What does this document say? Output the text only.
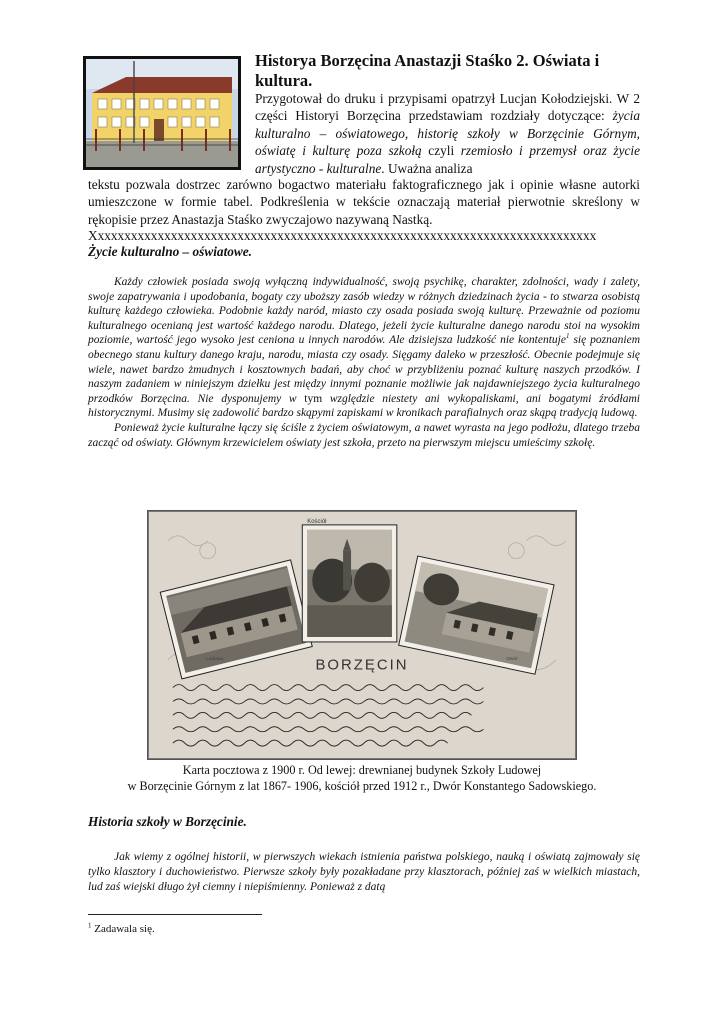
Historya Borzęcina Anastazji Staśko 2. Oświata i kultura.

Przygotował do druku i przypisami opatrzył Lucjan Kołodziejski. W 2 części Historyi Borzęcina przedstawiam rozdziały dotyczące: życia kulturalno – oświatowego, historię szkoły w Borzęcinie Górnym, oświatę i kulturę poza szkołą czyli rzemiosło i przemysł oraz życie artystyczno - kulturalne. Uważna analiza

tekstu pozwala dostrzec zarówno bogactwo materiału faktograficznego jak i opinie własne autorki umieszczone w formie tabel. Podkreślenia w tekście oznaczają materiał pierwotnie skreślony w rękopisie przez Anastazja Staśko zwyczajowo nazywaną Nastką.

Xxxxxxxxxxxxxxxxxxxxxxxxxxxxxxxxxxxxxxxxxxxxxxxxxxxxxxxxxxxxxxxxxxxxxxxxxxxx

Życie kulturalno – oświatowe.

Każdy człowiek posiada swoją wyłączną indywidualność, swoją psychikę, charakter, zdolności, wady i zalety, swoje zapatrywania i upodobania, bogaty czy uboższy zasób wiedzy w różnych dziedzinach życia - to stwarza osobistą kulturę każdego człowieka. Podobnie każdy naród, miasto czy osada posiada swoją kulturę. Przeważnie od poziomu kulturalnego ocenianą jest wartość każdego narodu. Dlatego, jeżeli życie kulturalne danego narodu stoi na wysokim poziomie, wartość jego wysoko jest ceniona u innych narodów. Ale dzisiejsza ludzkość nie kontentuje$^1$ się poznaniem obecnego stanu kultury danego kraju, narodu, miasta czy osady. Sięgamy daleko w przeszłość. Obecnie podejmuje się wiele, nawet bardzo żmudnych i kosztownych badań, aby choć w przybliżeniu poznać kulturę naszych przodków. I naszym zadaniem w niniejszym dziełku jest między innymi poznanie możliwie jak najdawniejszego życia kulturalnego przodków Borzęcina. Nie dysponujemy w tym względzie niestety ani wykopaliskami, ani bogatymi źródłami historycznymi. Musimy się zadowolić bardzo skąpymi zapiskami w kronikach parafialnych oraz skąpą tradycją ludową.

Ponieważ życie kulturalne łączy się ściśle z życiem oświatowym, a nawet wyrasta na jego podłożu, dlatego trzeba zacząć od oświaty. Głównym krzewicielem oświaty jest szkoła, przeto na pierwszym miejscu umieścimy szkołę.

Kościół
BORZĘCIN
Ludowa	Dwór

Karta pocztowa z 1900 r. Od lewej: drewnianej budynek Szkoły Ludowej

w Borzęcinie Górnym z lat 1867- 1906, kościół przed 1912 r., Dwór Konstantego Sadowskiego.

Historia szkoły w Borzęcinie.

Jak wiemy z ogólnej historii, w pierwszych wiekach istnienia państwa polskiego, nauką i oświatą zajmowały się tylko klasztory i duchowieństwo. Pierwsze szkoły były pozakładane przy klasztorach, później zaś w wielkich miastach, lud zaś wiejski długo żył ciemny i niepiśmienny. Ponieważ z datą

$^1$ Zadawala się.
